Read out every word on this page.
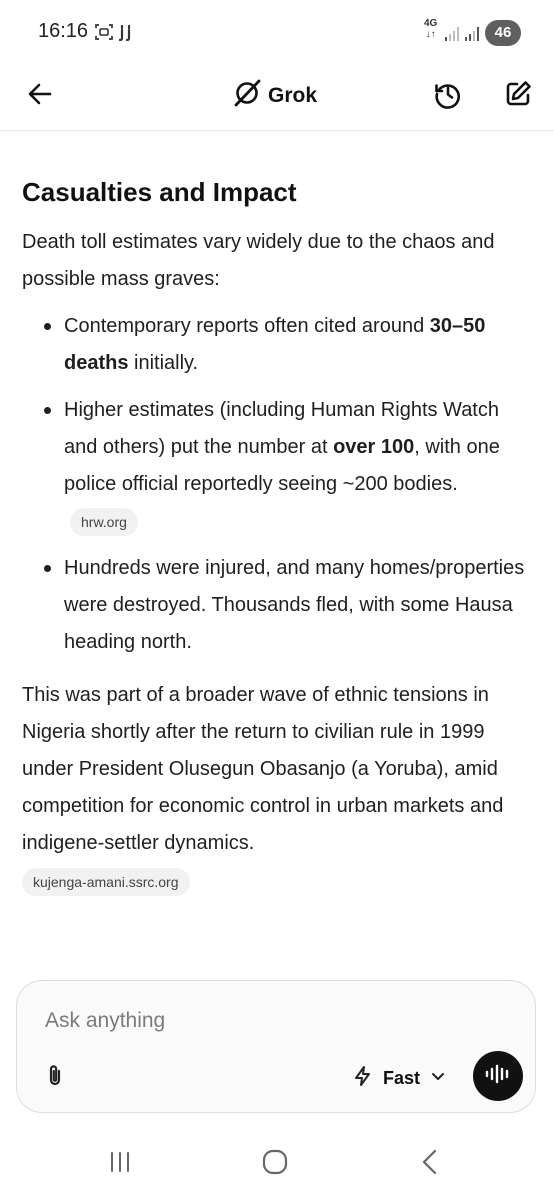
16:16	4G
↓↑	46
Grok
Casualties and Impact

Death toll estimates vary widely due to the chaos and possible mass graves:

Contemporary reports often cited around 30–50 deaths initially.
Higher estimates (including Human Rights Watch and others) put the number at over 100, with one police official reportedly seeing ~200 bodies. hrw.org
Hundreds were injured, and many homes/properties were destroyed. Thousands fled, with some Hausa heading north.

This was part of a broader wave of ethnic tensions in Nigeria shortly after the return to civilian rule in 1999 under President Olusegun Obasanjo (a Yoruba), amid competition for economic control in urban markets and indigene-settler dynamics.

kujenga-amani.ssrc.org
Ask anything
Fast
